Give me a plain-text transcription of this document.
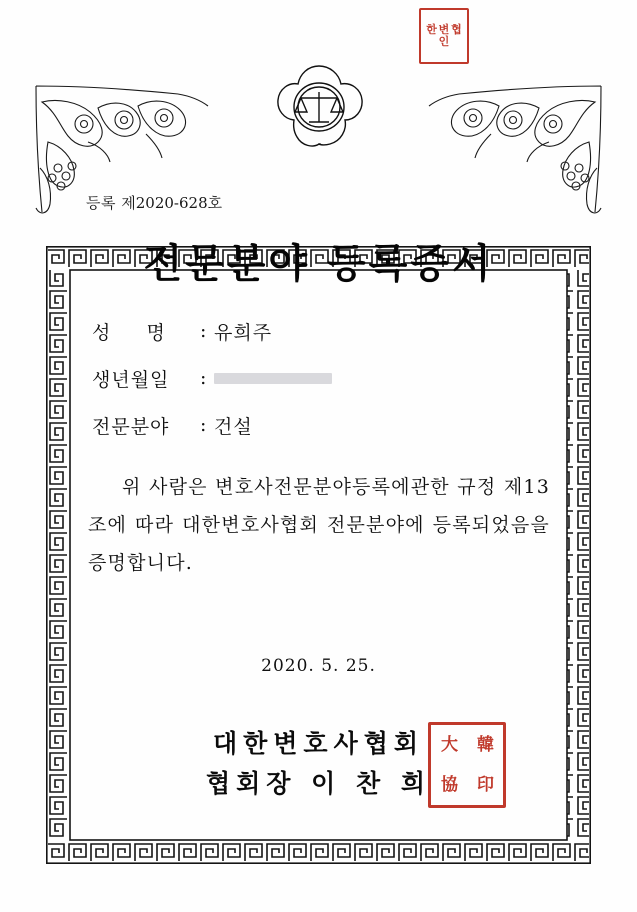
한 변 협 인
등록 제2020-628호
전문분야 등록증서
성     명	: 유희주
생년월일	:
전문분야	: 건설
위 사람은 변호사전문분야등록에관한 규정 제13조에 따라 대한변호사협회 전문분야에 등록되었음을 증명합니다.
2020. 5. 25.
대한변호사협회
협회장 이 찬 희
大 韓
協 印
